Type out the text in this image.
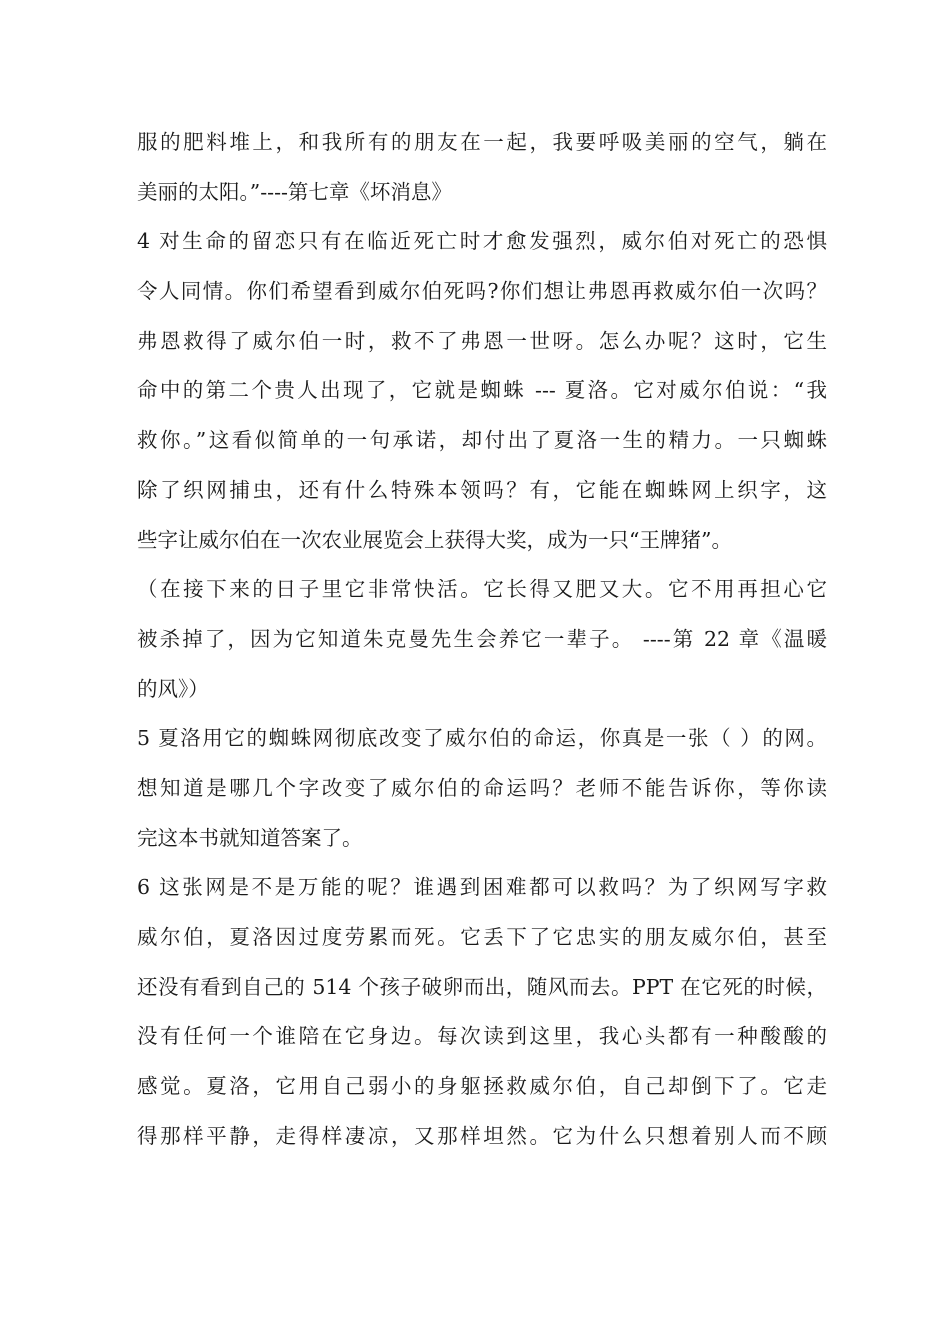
服的肥料堆上，和我所有的朋友在一起，我要呼吸美丽的空气，躺在
美丽的太阳。”----第七章《坏消息》
4 对生命的留恋只有在临近死亡时才愈发强烈，威尔伯对死亡的恐惧
令人同情。你们希望看到威尔伯死吗?你们想让弗恩再救威尔伯一次吗？
弗恩救得了威尔伯一时，救不了弗恩一世呀。怎么办呢？这时，它生
命中的第二个贵人出现了，它就是蜘蛛 --- 夏洛。它对威尔伯说：“我
救你。”这看似简单的一句承诺，却付出了夏洛一生的精力。一只蜘蛛
除了织网捕虫，还有什么特殊本领吗？有，它能在蜘蛛网上织字，这
些字让威尔伯在一次农业展览会上获得大奖，成为一只“王牌猪”。
（在接下来的日子里它非常快活。它长得又肥又大。它不用再担心它
被杀掉了，因为它知道朱克曼先生会养它一辈子。 ----第 22 章《温暖
的风》）
5 夏洛用它的蜘蛛网彻底改变了威尔伯的命运，你真是一张（ ）的网。
想知道是哪几个字改变了威尔伯的命运吗？老师不能告诉你，等你读
完这本书就知道答案了。
6 这张网是不是万能的呢？谁遇到困难都可以救吗？为了织网写字救
威尔伯，夏洛因过度劳累而死。它丢下了它忠实的朋友威尔伯，甚至
还没有看到自己的 514 个孩子破卵而出，随风而去。PPT 在它死的时候，
没有任何一个谁陪在它身边。每次读到这里，我心头都有一种酸酸的
感觉。夏洛，它用自己弱小的身躯拯救威尔伯，自己却倒下了。它走
得那样平静，走得样凄凉，又那样坦然。它为什么只想着别人而不顾
